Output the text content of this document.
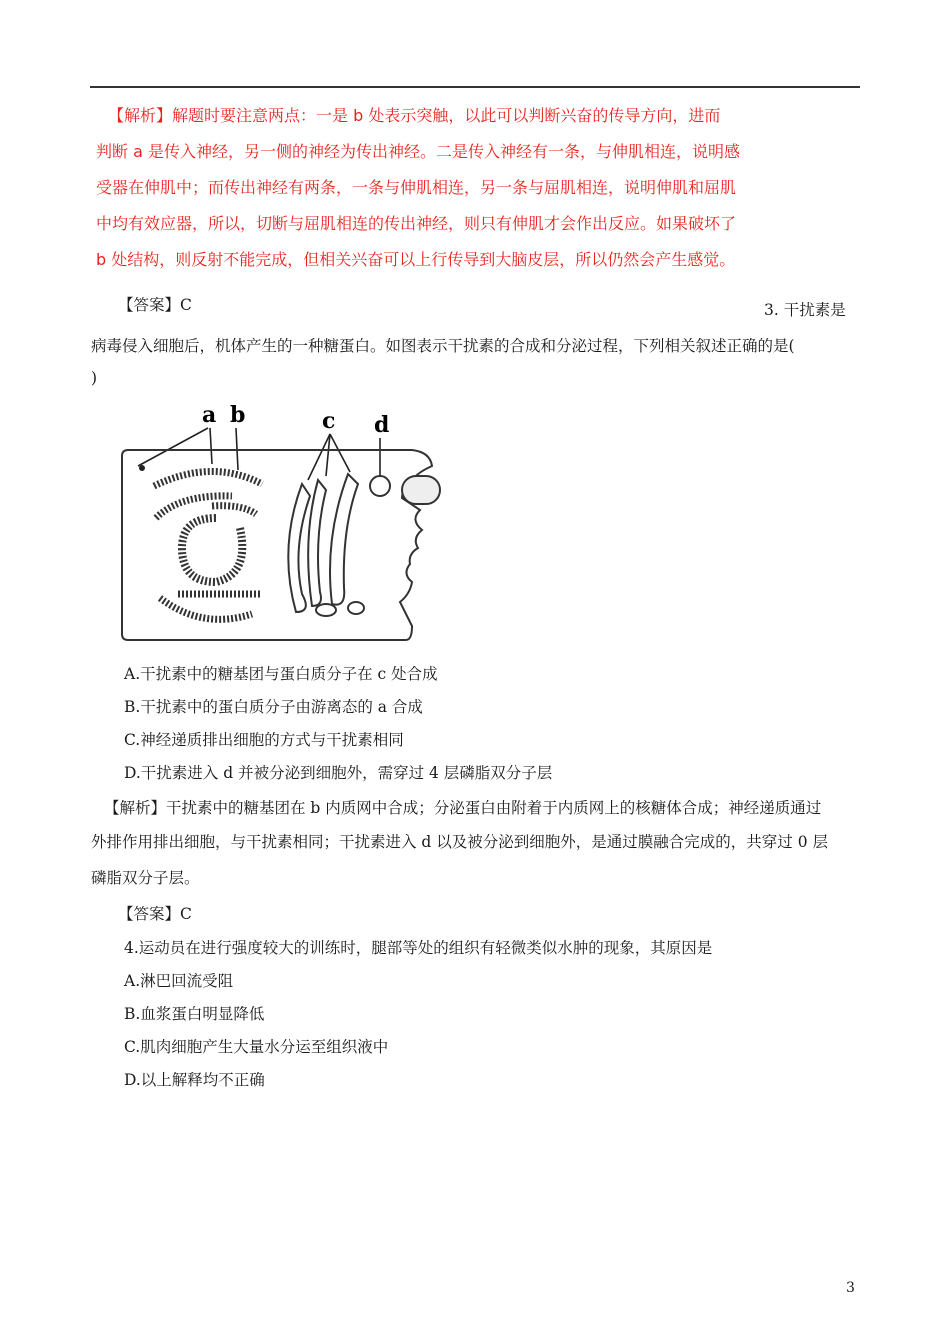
【解析】解题时要注意两点：一是 b 处表示突触，以此可以判断兴奋的传导方向，进而
判断 a 是传入神经，另一侧的神经为传出神经。二是传入神经有一条，与伸肌相连，说明感
受器在伸肌中；而传出神经有两条，一条与伸肌相连，另一条与屈肌相连，说明伸肌和屈肌
中均有效应器，所以，切断与屈肌相连的传出神经，则只有伸肌才会作出反应。如果破坏了
b 处结构，则反射不能完成，但相关兴奋可以上行传导到大脑皮层，所以仍然会产生感觉。
【答案】C	3. 干扰素是
病毒侵入细胞后，机体产生的一种糖蛋白。如图表示干扰素的合成和分泌过程，下列相关叙述正确的是(
)
a b	c d
A.干扰素中的糖基团与蛋白质分子在 c 处合成
B.干扰素中的蛋白质分子由游离态的 a 合成
C.神经递质排出细胞的方式与干扰素相同
D.干扰素进入 d 并被分泌到细胞外，需穿过 4 层磷脂双分子层
【解析】干扰素中的糖基团在 b 内质网中合成；分泌蛋白由附着于内质网上的核糖体合成；神经递质通过
外排作用排出细胞，与干扰素相同；干扰素进入 d 以及被分泌到细胞外，是通过膜融合完成的，共穿过 0 层
磷脂双分子层。
【答案】C
4.运动员在进行强度较大的训练时，腿部等处的组织有轻微类似水肿的现象，其原因是
A.淋巴回流受阻
B.血浆蛋白明显降低
C.肌肉细胞产生大量水分运至组织液中
D.以上解释均不正确
3
